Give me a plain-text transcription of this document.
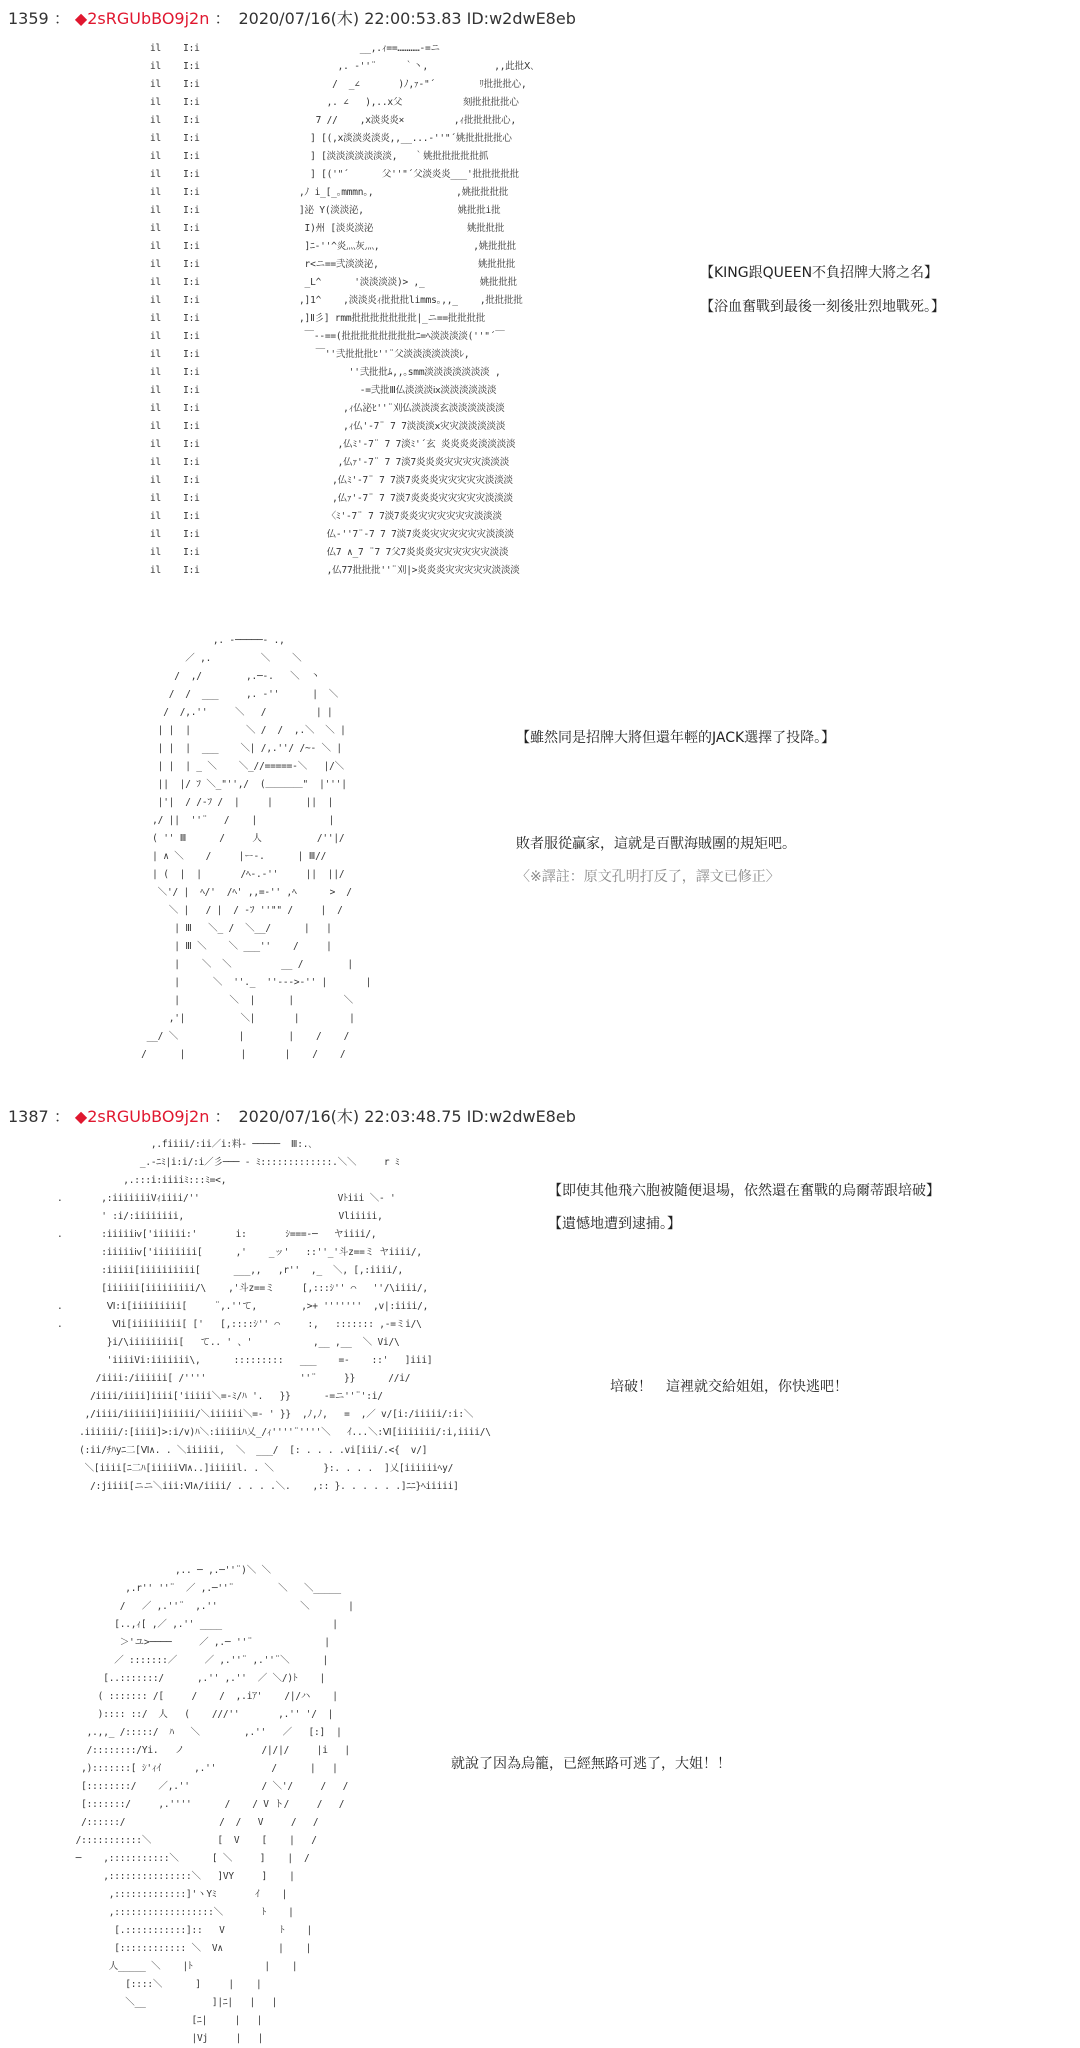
1359 ： ◆2sRGUbBO9j2n ：　2020/07/16(木) 22:00:53.83 ID:w2dwE8eb
il    I:i                             __,.ｨ==…………-=ニ
il    I:i                         ,. -''¨     ｀丶,            ,,此批Ⅹ､
il    I:i                        /  _∠       )ﾉ,ｧ-"´        ﾘ批批批心,
il    I:i                       ,. ∠   ),..x父           刻批批批批心
il    I:i                     7 //    ,x淡炎炎×         ,ｨ批批批批心,
il    I:i                    ] [(,x淡淡炎淡炎,,__...-''"´姚批批批批心
il    I:i                    ] [淡淡淡淡淡淡淡,   ｀姚批批批批批抓
il    I:i                    ] [('"´      父''"´父淡炎炎___'批批批批批
il    I:i                  ,ﾉ i_[_｡mmmn｡,               ,姚批批批批
il    I:i                  ]泌 Y(淡淡泌,                 姚批批i批
il    I:i                   I)州 [淡炎淡泌                 姚批批批
il    I:i                   ]ﾆ-''^炎灬灰灬,                 ,姚批批批
il    I:i                   r<ニ==弐淡淡泌,                  姚批批批
il    I:i                   _L^      '淡淡淡淡)> ,_          姚批批批
il    I:i                  ,]1^    ,淡淡炎ｨ批批批limms｡,,_    ,批批批批
il    I:i                  ,]Ⅱ彡] rmm批批批批批批批|_ニ==批批批批
il    I:i                   ￣--==(批批批批批批批批ﾆ=ﾍ淡淡淡淡(''"´￣
il    I:i                     ￣''弐批批批ﾋ''¨父淡淡淡淡淡淡ﾚ,
il    I:i                           ''弐批批ﾑ,,｡smm淡淡淡淡淡淡淡 ,
il    I:i                             -=弐批Ⅲ仏淡淡淡ⅸ淡淡淡淡淡淡
il    I:i                          ,ｨ仏泌ﾋ''¨刈仏淡淡淡玄淡淡淡淡淡淡
il    I:i                          ,ｨ仏'‐7¨ 7 7淡淡淡ⅹ灾灾淡淡淡淡淡
il    I:i                         ,仏ﾐ'‐7¨ 7 7淡ﾐ'´玄 炎炎炎炎淡淡淡淡
il    I:i                         ,仏ｧ'‐7¨ 7 7淡7炎炎炎灾灾灾灾淡淡淡
il    I:i                        ,仏ﾐ'‐7¨ 7 7淡7炎炎炎灾灾灾灾灾淡淡淡
il    I:i                        ,仏ｧ'‐7¨ 7 7淡7炎炎炎灾灾灾灾灾淡淡淡
il    I:i                       〈ﾐ'‐7¨ 7 7淡7炎炎灾灾灾灾灾灾淡淡淡
il    I:i                       仏-''7¨‐7 7 7淡7炎炎灾灾灾灾灾灾淡淡淡
il    I:i                       仏7 ∧_7 ¨7 7父7炎炎炎灾灾灾灾灾灾淡淡
il    I:i                       ,仏77批批批''¨刈|>炎炎炎灾灾灾灾灾淡淡淡

【KING跟QUEEN不負招牌大將之名】
【浴血奮戰到最後一刻後壯烈地戰死。】
,. -─────- .,
／ ,.         ＼    ＼
/  ,/        ,.─-.   ＼  丶
/  /  ___     ,. -''      |  ＼
/  /,.''     ＼   /         | |
| |  |          ＼ /  /  ,.＼  ＼ |
| |  |  ___    ＼| /,.''/ /~- ＼ |
| |  | _ ＼    ＼_//=====-＼   |/＼
||  |/ ﾌ ＼_"'',/  (＿＿＿＿"  |'''|
|'|  / /-ﾌ /  |     |      ||  |
,/ ||  ''¨   /    |             |
( '' Ⅲ      /     人          /''|/
| ∧ ＼    /     |ー-.      | Ⅲ//
| (  |  |       /ﾍ-.-''     ||  ||/
＼'/ |  ﾍ/'  /ﾍ' ,,=-'' ,ﾍ      >  /
＼ |   / |  / -ﾌ ''"" /     |  /
| Ⅲ   ＼_ /  ＼__/      |   |
| Ⅲ ＼    ＼ ___''    /     |
|    ＼  ＼         __ /        |
|      ＼  ''._  ''--->-'' |       |
|         ＼  |      |         ＼
,'|          ＼|       |         |
__/ ＼           |        |    /    /
/      |          |       |    /    /

【雖然同是招牌大將但還年輕的JACK選擇了投降。】
敗者服從贏家，這就是百獸海賊團的規矩吧。
〈※譯註：原文孔明打反了，譯文已修正〉
1387 ： ◆2sRGUbBO9j2n ：　2020/07/16(木) 22:03:48.75 ID:w2dwE8eb
,.fiiii/:ii／i:料‐ ─────  Ⅲ:.､
_.-ﾆﾐ|i:i/:i／彡─── ‐ ﾐ:::::::::::::.＼＼     r ﾐ
,.:::i:iiiiﾐ:::ﾐ=<,
.       ,:iiiiiiiVｨiiii/''                         Vﾄiii ＼- '
' :i/:iiiiiiii,                            Vliiiii,
.       :iiiiiⅳ['iiiiii:'       i:       ｼ===‐─   ヤiiii/,
:iiiiiⅳ['iiiiiiii[      ,'    _ッ'   ::''_'斗z==ミ ヤiiii/,
:iiiii[iiiiiiiiii[      ___,,   ,r''  ,_  ＼, [,:iiii/,
[iiiiii[iiiiiiiii/\    ,'斗z==ミ     [,:::ｼ'' ⌒   ''/\iiii/,
.        Ⅵ:i[iiiiiiiii[     ¨,.''て,        ,>+ '''''''  ,v|:iiii/,
.         Ⅵi[iiiiiiiii[ ['   [,::::ｼ'' ⌒     :,   ::::::: ,-=ミi/\
}i/\iiiiiiiii[   て.. ' 、'           ,__ ,__  ＼ Vi/\
'iiiiVi:iiiiiii\,      :::::::::   ___    =-    ::'   ]iii]
/iiii:/iiiiii[ /''''                 ''¨     }}      //i/
/iiii/iiii]iiii['iiiii＼=-ﾐ/ﾊ '.   }}      -=ニ''¨':i/
,/iiii/iiiiii]iiiiii/＼iiiiii＼=- ' }}  ,ﾉ,ﾉ,   =  ,／ v/[i:/iiiii/:i:＼
.iiiiii/:[iiii]>:i/v)ﾊ＼:iiiiiﾊ乂_/ｨ''''¨''''＼   ｲ...＼:Ⅵ[iiiiiii/:i,iiii/\
(:ii/ﾁﾊyﾆ二[Ⅵ∧. . ＼iiiiii,  ＼  ___/  [: . . . .vi[iii/.<{  v/]
＼[iiii[ﾆ二ﾊ[iiiiiⅥ∧..]iiiiil. . ＼         }:. . . .  ]乂[iiiiiiﾍy/
/:jiiii[ニニ＼iii:Ⅵ∧/iiii/ . . . .＼.    ,:: }. . . . . .]ﾆﾆ}ﾍiiiii]

【即使其他飛六胞被隨便退場，依然還在奮戰的烏爾蒂跟培破】
【遺憾地遭到逮捕。】
培破！　這裡就交給姐姐，你快逃吧！
,.. ─ ,.─''¨)＼ ＼
,.r'' ''¨  ／ ,.─''¨        ＼   ＼_____
/   ／ ,.''¨  ,.''               ＼       |
[..,ｨ[ ,／ ,.'' ____                    |
＞'ユ>────     ／ ,.─ ''¨             |
／ :::::::／     ／ ,.''¨ ,.''¨＼      |
[..:::::::/      ,.'' ,.''  ／ ＼/)ﾄ    |
( ::::::: /[     /    /  ,.iｱ'    /|/ハ    |
):::: ::/  人   (    ///''       ,.'' '/  |
,.,,_ /:::::/  ﾊ   ＼        ,.''   ／   [:]  |
/::::::::/Yi.   ノ              /|/|/     |i   |
,):::::::[ ｼ'ｨｲ      ,.''          /      |   |
[::::::::/    ／,.''             / ＼'/     /   /
[:::::::/     ,.''''      /    / V ト/     /   /
/::::::/                 /  /   V     /   /
/:::::::::::＼            [  V    [    |   /
─    ,:::::::::::＼      [ ＼     ]    |  /
,:::::::::::::::＼   ]VY     ]    |
,:::::::::::::]'ヽYﾐ       ｲ    |
,::::::::::::::::::＼       ﾄ    |
[.:::::::::::]::   V          ﾄ    |
[:::::::::::: ＼  V∧          |    |
人_____ ＼    |ﾄ             |    |
[::::＼      ]     |    |
＼__            ]|ﾆ|   |   |
[ﾆ|     |   |
|Vj     |   |

就說了因為烏籠，已經無路可逃了，大姐！！
